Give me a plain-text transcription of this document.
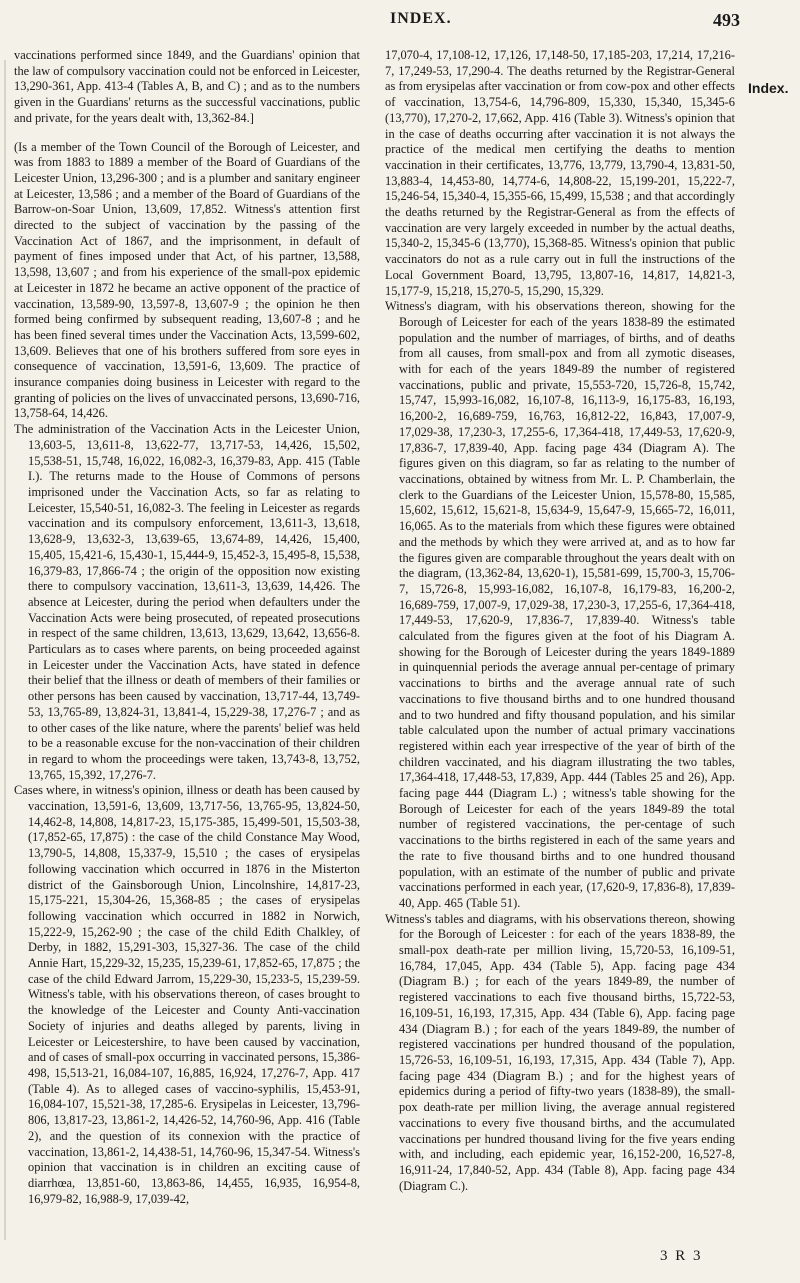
INDEX.	493
Index.

vaccinations performed since 1849, and the Guardians' opinion that the law of compulsory vaccination could not be enforced in Leicester, 13,290-361, App. 413-4 (Tables A, B, and C) ; and as to the numbers given in the Guardians' returns as the successful vaccinations, public and private, for the years dealt with, 13,362-84.]

(Is a member of the Town Council of the Borough of Leicester, and was from 1883 to 1889 a member of the Board of Guardians of the Leicester Union, 13,296-300 ; and is a plumber and sanitary engineer at Leicester, 13,586 ; and a member of the Board of Guardians of the Barrow-on-Soar Union, 13,609, 17,852. Witness's attention first directed to the subject of vaccination by the passing of the Vaccination Act of 1867, and the imprisonment, in default of payment of fines imposed under that Act, of his partner, 13,588, 13,598, 13,607 ; and from his experience of the small-pox epidemic at Leicester in 1872 he became an active opponent of the practice of vaccination, 13,589-90, 13,597-8, 13,607-9 ; the opinion he then formed being confirmed by subsequent reading, 13,607-8 ; and he has been fined several times under the Vaccination Acts, 13,599-602, 13,609. Believes that one of his brothers suffered from sore eyes in consequence of vaccination, 13,591-6, 13,609. The practice of insurance companies doing business in Leicester with regard to the granting of policies on the lives of unvaccinated persons, 13,690-716, 13,758-64, 14,426.

The administration of the Vaccination Acts in the Leicester Union, 13,603-5, 13,611-8, 13,622-77, 13,717-53, 14,426, 15,502, 15,538-51, 15,748, 16,022, 16,082-3, 16,379-83, App. 415 (Table I.). The returns made to the House of Commons of persons imprisoned under the Vaccination Acts, so far as relating to Leicester, 15,540-51, 16,082-3. The feeling in Leicester as regards vaccination and its compulsory enforcement, 13,611-3, 13,618, 13,628-9, 13,632-3, 13,639-65, 13,674-89, 14,426, 15,400, 15,405, 15,421-6, 15,430-1, 15,444-9, 15,452-3, 15,495-8, 15,538, 16,379-83, 17,866-74 ; the origin of the opposition now existing there to compulsory vaccination, 13,611-3, 13,639, 14,426. The absence at Leicester, during the period when defaulters under the Vaccination Acts were being prosecuted, of repeated prosecutions in respect of the same children, 13,613, 13,629, 13,642, 13,656-8. Particulars as to cases where parents, on being proceeded against in Leicester under the Vaccination Acts, have stated in defence their belief that the illness or death of members of their families or other persons has been caused by vaccination, 13,717-44, 13,749-53, 13,765-89, 13,824-31, 13,841-4, 15,229-38, 17,276-7 ; and as to other cases of the like nature, where the parents' belief was held to be a reasonable excuse for the non-vaccination of their children in regard to whom the proceedings were taken, 13,743-8, 13,752, 13,765, 15,392, 17,276-7.

Cases where, in witness's opinion, illness or death has been caused by vaccination, 13,591-6, 13,609, 13,717-56, 13,765-95, 13,824-50, 14,462-8, 14,808, 14,817-23, 15,175-385, 15,499-501, 15,503-38, (17,852-65, 17,875) : the case of the child Constance May Wood, 13,790-5, 14,808, 15,337-9, 15,510 ; the cases of erysipelas following vaccination which occurred in 1876 in the Misterton district of the Gainsborough Union, Lincolnshire, 14,817-23, 15,175-221, 15,304-26, 15,368-85 ; the cases of erysipelas following vaccination which occurred in 1882 in Norwich, 15,222-9, 15,262-90 ; the case of the child Edith Chalkley, of Derby, in 1882, 15,291-303, 15,327-36. The case of the child Annie Hart, 15,229-32, 15,235, 15,239-61, 17,852-65, 17,875 ; the case of the child Edward Jarrom, 15,229-30, 15,233-5, 15,239-59. Witness's table, with his observations thereon, of cases brought to the knowledge of the Leicester and County Anti-vaccination Society of injuries and deaths alleged by parents, living in Leicester or Leicestershire, to have been caused by vaccination, and of cases of small-pox occurring in vaccinated persons, 15,386-498, 15,513-21, 16,084-107, 16,885, 16,924, 17,276-7, App. 417 (Table 4). As to alleged cases of vaccino-syphilis, 15,453-91, 16,084-107, 15,521-38, 17,285-6. Erysipelas in Leicester, 13,796-806, 13,817-23, 13,861-2, 14,426-52, 14,760-96, App. 416 (Table 2), and the question of its connexion with the practice of vaccination, 13,861-2, 14,438-51, 14,760-96, 15,347-54. Witness's opinion that vaccination is in children an exciting cause of diarrhœa, 13,851-60, 13,863-86, 14,455, 16,935, 16,954-8, 16,979-82, 16,988-9, 17,039-42,

17,070-4, 17,108-12, 17,126, 17,148-50, 17,185-203, 17,214, 17,216-7, 17,249-53, 17,290-4. The deaths returned by the Registrar-General as from erysipelas after vaccination or from cow-pox and other effects of vaccination, 13,754-6, 14,796-809, 15,330, 15,340, 15,345-6 (13,770), 17,270-2, 17,662, App. 416 (Table 3). Witness's opinion that in the case of deaths occurring after vaccination it is not always the practice of the medical men certifying the deaths to mention vaccination in their certificates, 13,776, 13,779, 13,790-4, 13,831-50, 13,883-4, 14,453-80, 14,774-6, 14,808-22, 15,199-201, 15,222-7, 15,246-54, 15,340-4, 15,355-66, 15,499, 15,538 ; and that accordingly the deaths returned by the Registrar-General as from the effects of vaccination are very largely exceeded in number by the actual deaths, 15,340-2, 15,345-6 (13,770), 15,368-85. Witness's opinion that public vaccinators do not as a rule carry out in full the instructions of the Local Government Board, 13,795, 13,807-16, 14,817, 14,821-3, 15,177-9, 15,218, 15,270-5, 15,290, 15,329.

Witness's diagram, with his observations thereon, showing for the Borough of Leicester for each of the years 1838-89 the estimated population and the number of marriages, of births, and of deaths from all causes, from small-pox and from all zymotic diseases, with for each of the years 1849-89 the number of registered vaccinations, public and private, 15,553-720, 15,726-8, 15,742, 15,747, 15,993-16,082, 16,107-8, 16,113-9, 16,175-83, 16,193, 16,200-2, 16,689-759, 16,763, 16,812-22, 16,843, 17,007-9, 17,029-38, 17,230-3, 17,255-6, 17,364-418, 17,449-53, 17,620-9, 17,836-7, 17,839-40, App. facing page 434 (Diagram A). The figures given on this diagram, so far as relating to the number of vaccinations, obtained by witness from Mr. L. P. Chamberlain, the clerk to the Guardians of the Leicester Union, 15,578-80, 15,585, 15,602, 15,612, 15,621-8, 15,634-9, 15,647-9, 15,665-72, 16,011, 16,065. As to the materials from which these figures were obtained and the methods by which they were arrived at, and as to how far the figures given are comparable throughout the years dealt with on the diagram, (13,362-84, 13,620-1), 15,581-699, 15,700-3, 15,706-7, 15,726-8, 15,993-16,082, 16,107-8, 16,179-83, 16,200-2, 16,689-759, 17,007-9, 17,029-38, 17,230-3, 17,255-6, 17,364-418, 17,449-53, 17,620-9, 17,836-7, 17,839-40. Witness's table calculated from the figures given at the foot of his Diagram A. showing for the Borough of Leicester during the years 1849-1889 in quinquennial periods the average annual per-centage of primary vaccinations to births and the average annual rate of such vaccinations to five thousand births and to one hundred thousand and to two hundred and fifty thousand population, and his similar table calculated upon the number of actual primary vaccinations registered within each year irrespective of the year of birth of the children vaccinated, and his diagram illustrating the two tables, 17,364-418, 17,448-53, 17,839, App. 444 (Tables 25 and 26), App. facing page 444 (Diagram L.) ; witness's table showing for the Borough of Leicester for each of the years 1849-89 the total number of registered vaccinations, the per-centage of such vaccinations to the births registered in each of the same years and the rate to five thousand births and to one hundred thousand population, with an estimate of the number of public and private vaccinations performed in each year, (17,620-9, 17,836-8), 17,839-40, App. 465 (Table 51).

Witness's tables and diagrams, with his observations thereon, showing for the Borough of Leicester : for each of the years 1838-89, the small-pox death-rate per million living, 15,720-53, 16,109-51, 16,784, 17,045, App. 434 (Table 5), App. facing page 434 (Diagram B.) ; for each of the years 1849-89, the number of registered vaccinations to each five thousand births, 15,722-53, 16,109-51, 16,193, 17,315, App. 434 (Table 6), App. facing page 434 (Diagram B.) ; for each of the years 1849-89, the number of registered vaccinations per hundred thousand of the population, 15,726-53, 16,109-51, 16,193, 17,315, App. 434 (Table 7), App. facing page 434 (Diagram B.) ; and for the highest years of epidemics during a period of fifty-two years (1838-89), the small-pox death-rate per million living, the average annual registered vaccinations to every five thousand births, and the accumulated vaccinations per hundred thousand living for the five years ending with, and including, each epidemic year, 16,152-200, 16,527-8, 16,911-24, 17,840-52, App. 434 (Table 8), App. facing page 434 (Diagram C.).

3 R 3
